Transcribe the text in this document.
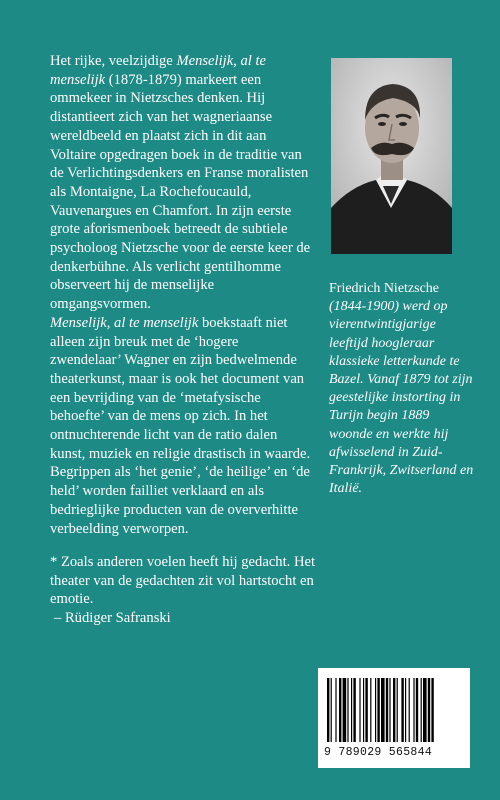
Het rijke, veelzijdige Menselijk, al te menselijk (1878-1879) markeert een ommekeer in Nietzsches denken. Hij distantieert zich van het wagneriaanse wereldbeeld en plaatst zich in dit aan Voltaire opgedragen boek in de traditie van de Verlichtingsdenkers en Franse moralisten als Montaigne, La Rochefoucauld, Vauvenargues en Chamfort. In zijn eerste grote aforismenboek betreedt de subtiele psycholoog Nietzsche voor de eerste keer de denkerbühne. Als verlicht gentilhomme observeert hij de menselijke omgangsvormen.

Menselijk, al te menselijk boekstaaft niet alleen zijn breuk met de ‘hogere zwendelaar’ Wagner en zijn bedwelmende theaterkunst, maar is ook het document van een bevrijding van de ‘metafysische behoefte’ van de mens op zich. In het ontnuchterende licht van de ratio dalen kunst, muziek en religie drastisch in waarde. Begrippen als ‘het genie’, ‘de heilige’ en ‘de held’ worden failliet verklaard en als bedrieglijke producten van de oververhitte verbeelding verworpen.

* Zoals anderen voelen heeft hij gedacht. Het theater van de gedachten zit vol hartstocht en emotie.

– Rüdiger Safranski

Friedrich Nietzsche
(1844-1900) werd op vierentwintigjarige leeftijd hoogleraar klassieke letterkunde te Bazel. Vanaf 1879 tot zijn geestelijke instorting in Turijn begin 1889 woonde en werkte hij afwisselend in Zuid-Frankrijk, Zwitserland en Italië.

9 789029 565844
